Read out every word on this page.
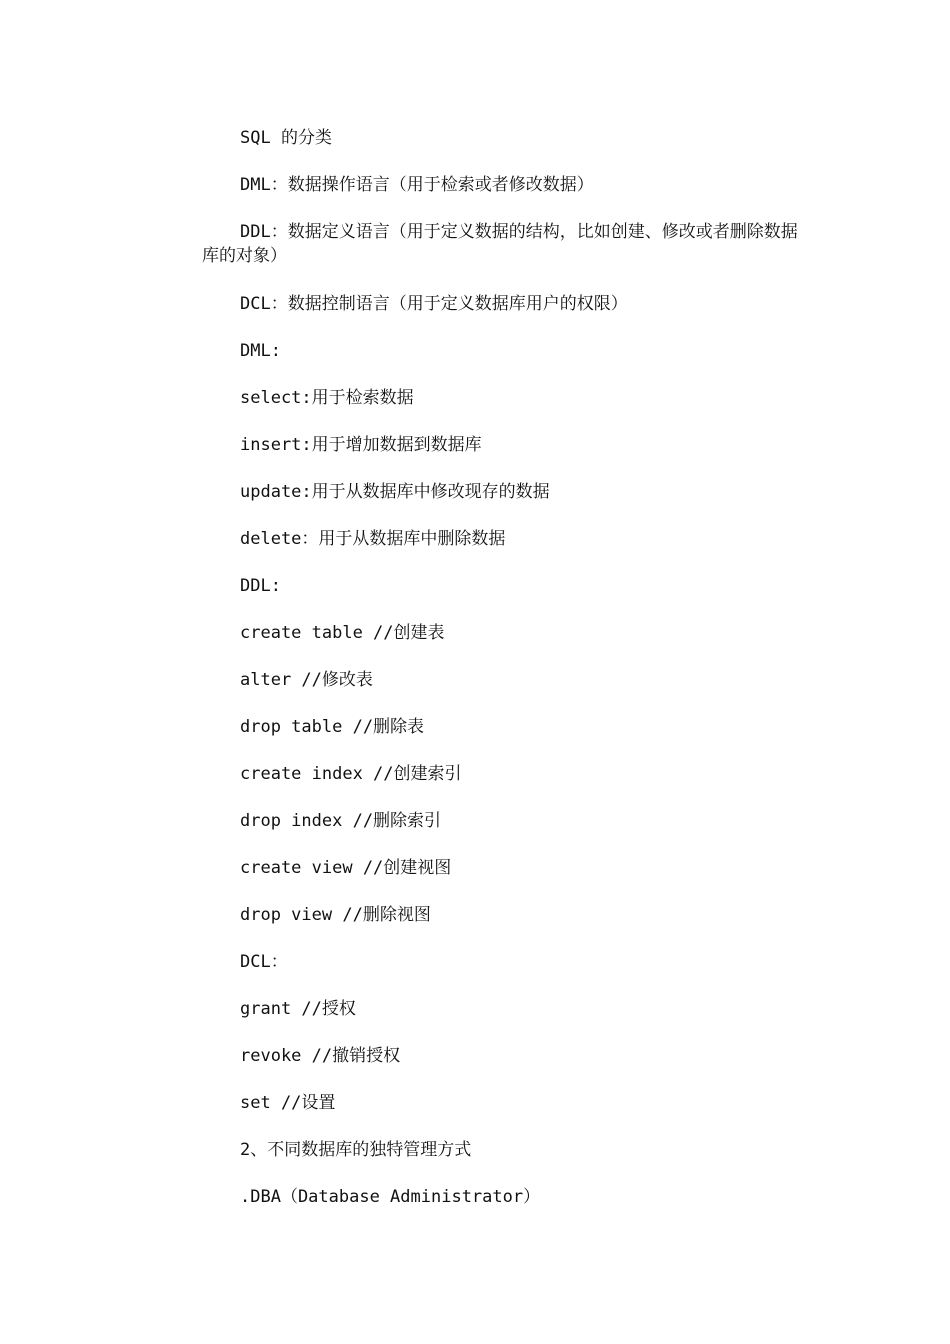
SQL 的分类

DML：数据操作语言（用于检索或者修改数据）

DDL：数据定义语言（用于定义数据的结构，比如创建、修改或者删除数据库的对象）

DCL：数据控制语言（用于定义数据库用户的权限）

DML:

select:用于检索数据

insert:用于增加数据到数据库

update:用于从数据库中修改现存的数据

delete：用于从数据库中删除数据

DDL:

create table //创建表

alter //修改表

drop table //删除表

create index //创建索引

drop index //删除索引

create view //创建视图

drop view //删除视图

DCL：

grant //授权

revoke //撤销授权

set //设置

2、不同数据库的独特管理方式

.DBA（Database Administrator）
